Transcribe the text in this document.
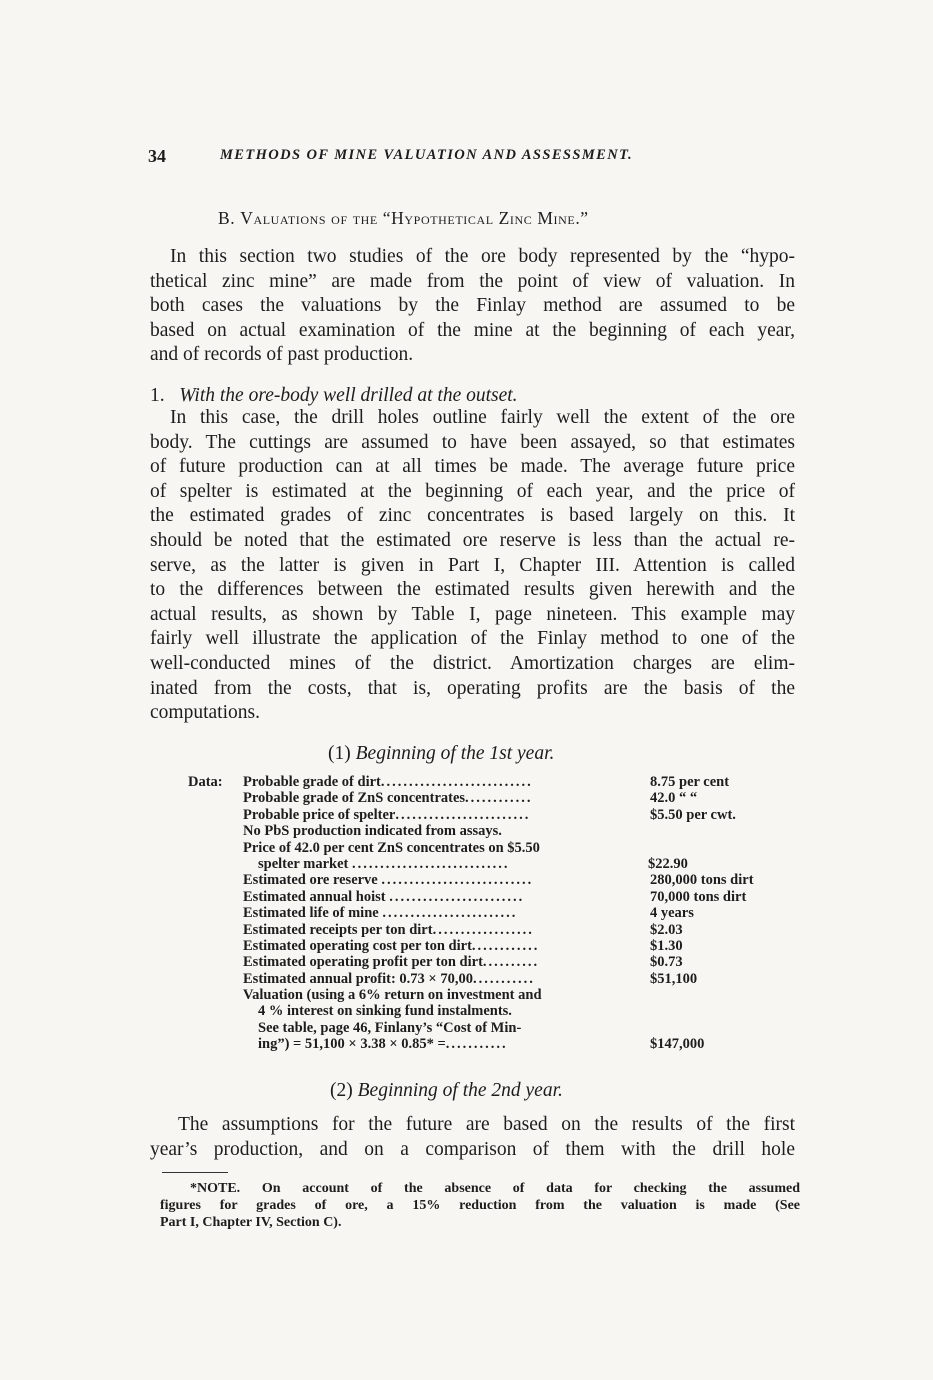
34	METHODS OF MINE VALUATION AND ASSESSMENT.
B. Valuations of the “Hypothetical Zinc Mine.”
In this section two studies of the ore body represented by the “hypo-
thetical zinc mine” are made from the point of view of valuation. In
both cases the valuations by the Finlay method are assumed to be
based on actual examination of the mine at the beginning of each year,
and of records of past production.
1. With the ore-body well drilled at the outset.
In this case, the drill holes outline fairly well the extent of the ore
body. The cuttings are assumed to have been assayed, so that estimates
of future production can at all times be made. The average future price
of spelter is estimated at the beginning of each year, and the price of
the estimated grades of zinc concentrates is based largely on this. It
should be noted that the estimated ore reserve is less than the actual re-
serve, as the latter is given in Part I, Chapter III. Attention is called
to the differences between the estimated results given herewith and the
actual results, as shown by Table I, page nineteen. This example may
fairly well illustrate the application of the Finlay method to one of the
well-conducted mines of the district. Amortization charges are elim-
inated from the costs, that is, operating profits are the basis of the
computations.
(1) Beginning of the 1st year.
Data: Probable grade of dirt...........................	8.75 per cent
Probable grade of ZnS concentrates............	42.0 “ “
Probable price of spelter........................	$5.50 per cwt.
No PbS production indicated from assays.
Price of 42.0 per cent ZnS concentrates on $5.50
spelter market ............................	$22.90
Estimated ore reserve ...........................	280,000 tons dirt
Estimated annual hoist ........................	70,000 tons dirt
Estimated life of mine ........................	4 years
Estimated receipts per ton dirt..................	$2.03
Estimated operating cost per ton dirt............	$1.30
Estimated operating profit per ton dirt..........	$0.73
Estimated annual profit: 0.73 × 70,00...........	$51,100
Valuation (using a 6% return on investment and
4 % interest on sinking fund instalments.
See table, page 46, Finlany’s “Cost of Min-
ing”) = 51,100 × 3.38 × 0.85* =...........	$147,000
(2) Beginning of the 2nd year.
The assumptions for the future are based on the results of the first
year’s production, and on a comparison of them with the drill hole
*NOTE. On account of the absence of data for checking the assumed
figures for grades of ore, a 15% reduction from the valuation is made (See
Part I, Chapter IV, Section C).
